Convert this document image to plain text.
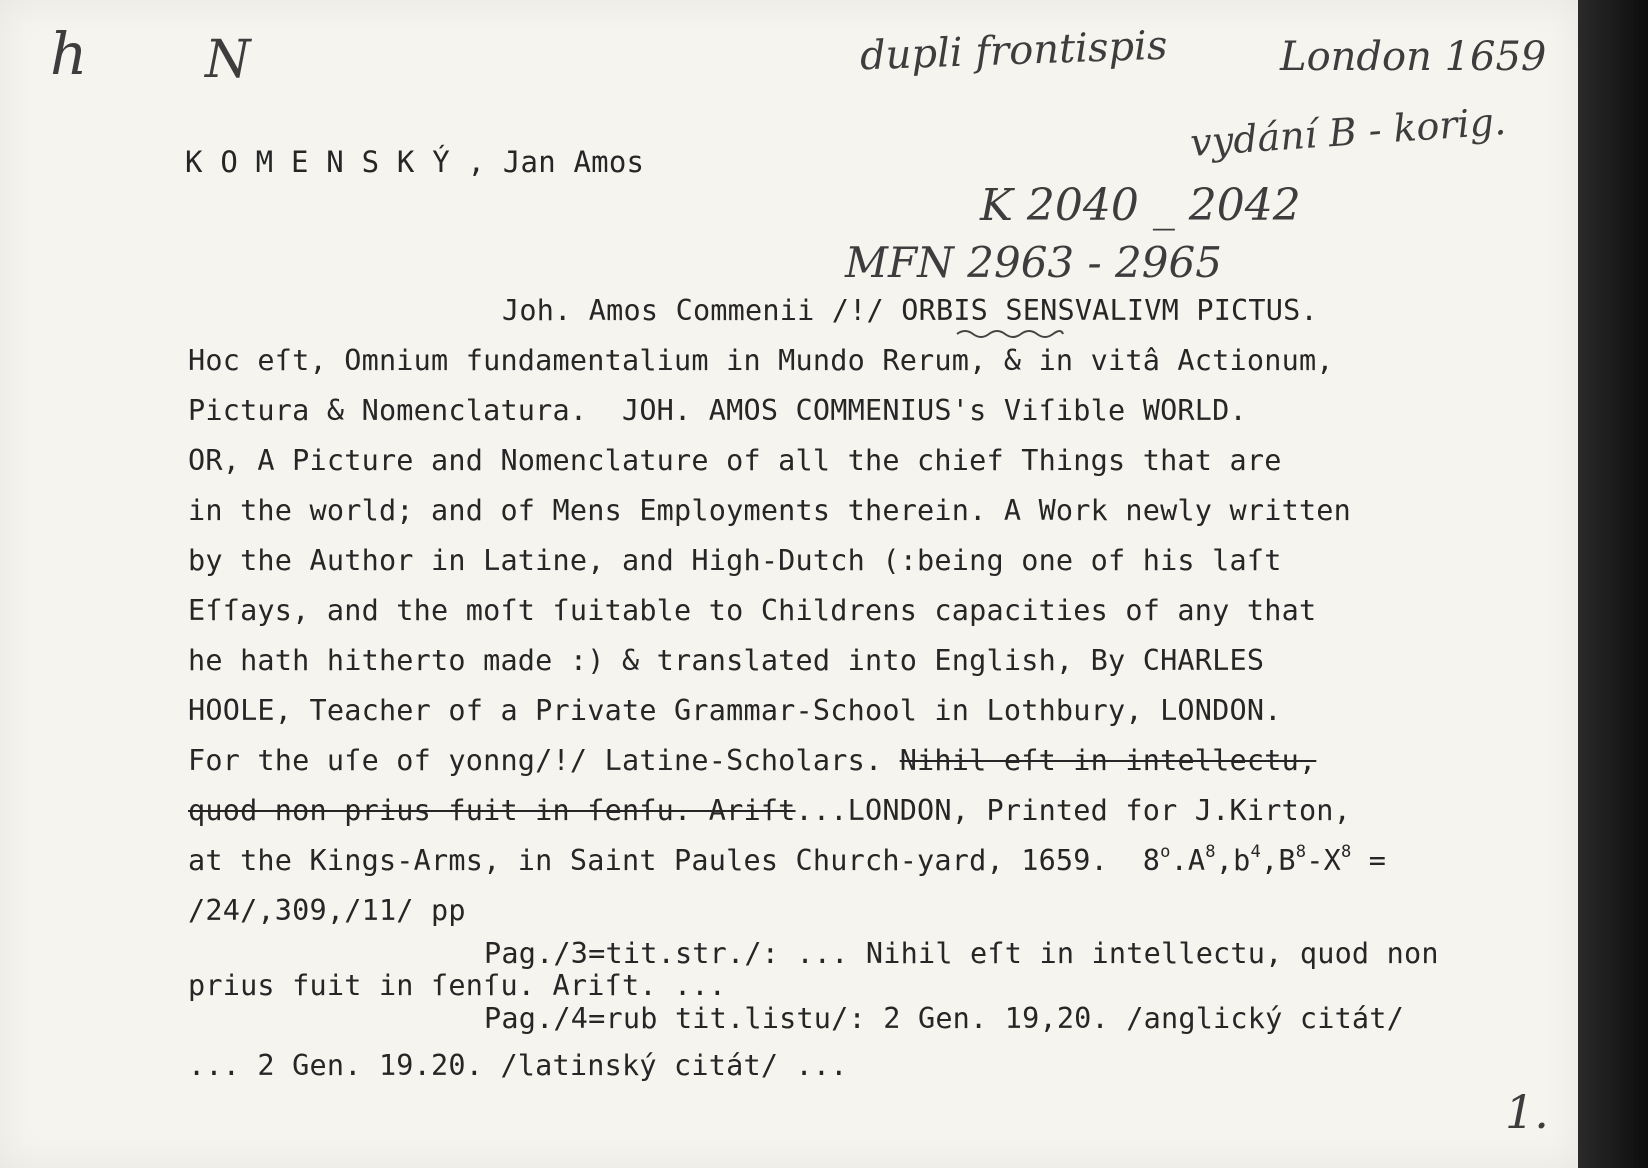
h N	dupli frontispis	London 1659
vydání B - korig.
K 2040 _ 2042
MFN 2963 - 2965
1.
K O M E N S K Ý , Jan Amos
Joh. Amos Commenii /!/ ORBIS SENSVALIVM PICTUS.
Hoc eſt, Omnium fundamentalium in Mundo Rerum, & in vitâ Actionum,
Pictura & Nomenclatura.  JOH. AMOS COMMENIUS's Viſible WORLD.
OR, A Picture and Nomenclature of all the chief Things that are
in the world; and of Mens Employments therein. A Work newly written
by the Author in Latine, and High-Dutch (:being one of his laſt
Eſſays, and the moſt ſuitable to Childrens capacities of any that
he hath hitherto made :) & translated into English, By CHARLES
HOOLE, Teacher of a Private Grammar-School in Lothbury, LONDON.
For the uſe of yonng/!/ Latine-Scholars. Nihil eſt in intellectu,
quod non prius fuit in ſenſu. Ariſt...LONDON, Printed for J.Kirton,
at the Kings-Arms, in Saint Paules Church-yard, 1659. $8^o.A^8,b^4,B^8-X^8$ =
/24/,309,/11/ pp
Pag./3=tit.str./: ... Nihil eſt in intellectu, quod non
prius fuit in ſenſu. Ariſt. ...
Pag./4=rub tit.listu/: 2 Gen. 19,20. /anglický citát/
... 2 Gen. 19.20. /latinský citát/ ...
